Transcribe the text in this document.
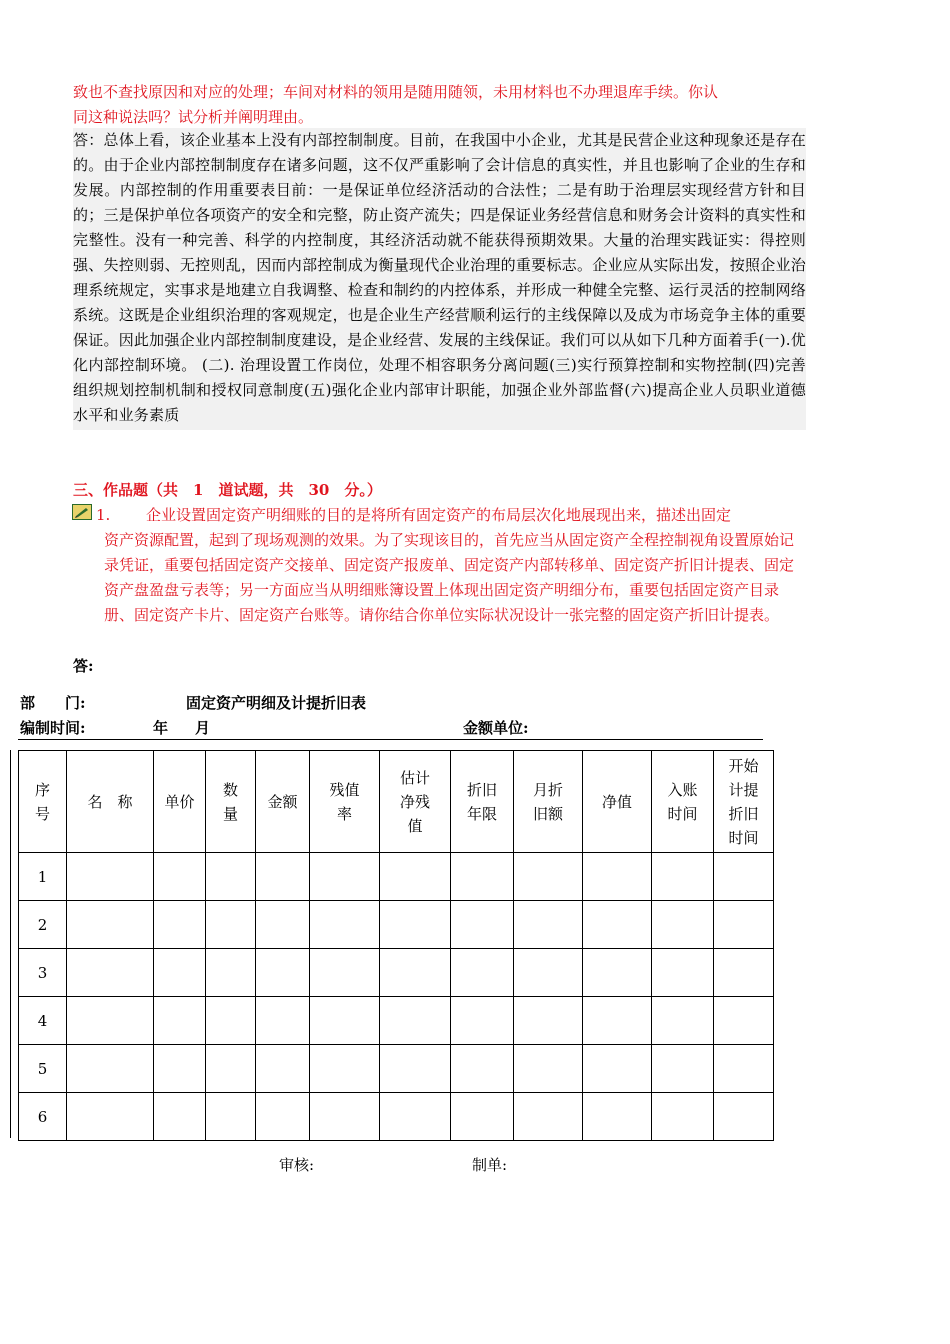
致也不查找原因和对应的处理；车间对材料的领用是随用随领，未用材料也不办理退库手续。你认
同这种说法吗？试分析并阐明理由。
答：总体上看，该企业基本上没有内部控制制度。目前，在我国中小企业，尤其是民营企业这种现象还是存在的。由于企业内部控制制度存在诸多问题，这不仅严重影响了会计信息的真实性，并且也影响了企业的生存和发展。内部控制的作用重要表目前：一是保证单位经济活动的合法性；二是有助于治理层实现经营方针和目的；三是保护单位各项资产的安全和完整，防止资产流失；四是保证业务经营信息和财务会计资料的真实性和完整性。没有一种完善、科学的内控制度，其经济活动就不能获得预期效果。大量的治理实践证实：得控则强、失控则弱、无控则乱，因而内部控制成为衡量现代企业治理的重要标志。企业应从实际出发，按照企业治理系统规定，实事求是地建立自我调整、检查和制约的内控体系，并形成一种健全完整、运行灵活的控制网络系统。这既是企业组织治理的客观规定，也是企业生产经营顺利运行的主线保障以及成为市场竞争主体的重要保证。因此加强企业内部控制制度建设，是企业经营、发展的主线保证。我们可以从如下几种方面着手(一).优化内部控制环境。 (二). 治理设置工作岗位，处理不相容职务分离问题(三)实行预算控制和实物控制(四)完善组织规划控制机制和授权同意制度(五)强化企业内部审计职能，加强企业外部监督(六)提高企业人员职业道德水平和业务素质
三、作品题（共　1　道试题，共　30　分。）
1. 企业设置固定资产明细账的目的是将所有固定资产的布局层次化地展现出来，描述出固定
资产资源配置，起到了现场观测的效果。为了实现该目的，首先应当从固定资产全程控制视角设置原始记录凭证，重要包括固定资产交接单、固定资产报废单、固定资产内部转移单、固定资产折旧计提表、固定资产盘盈盘亏表等；另一方面应当从明细账簿设置上体现出固定资产明细分布，重要包括固定资产目录册、固定资产卡片、固定资产台账等。请你结合你单位实际状况设计一张完整的固定资产折旧计提表。
答:
部　　门:	固定资产明细及计提折旧表
编制时间:	年 月	金额单位:
序号	名　称	单价	数量	金额	残值率	估计净残值	折旧年限	月折旧额	净值	入账时间	开始计提折旧时间
1											
2											
3											
4											
5											
6											
审核:	制单:
